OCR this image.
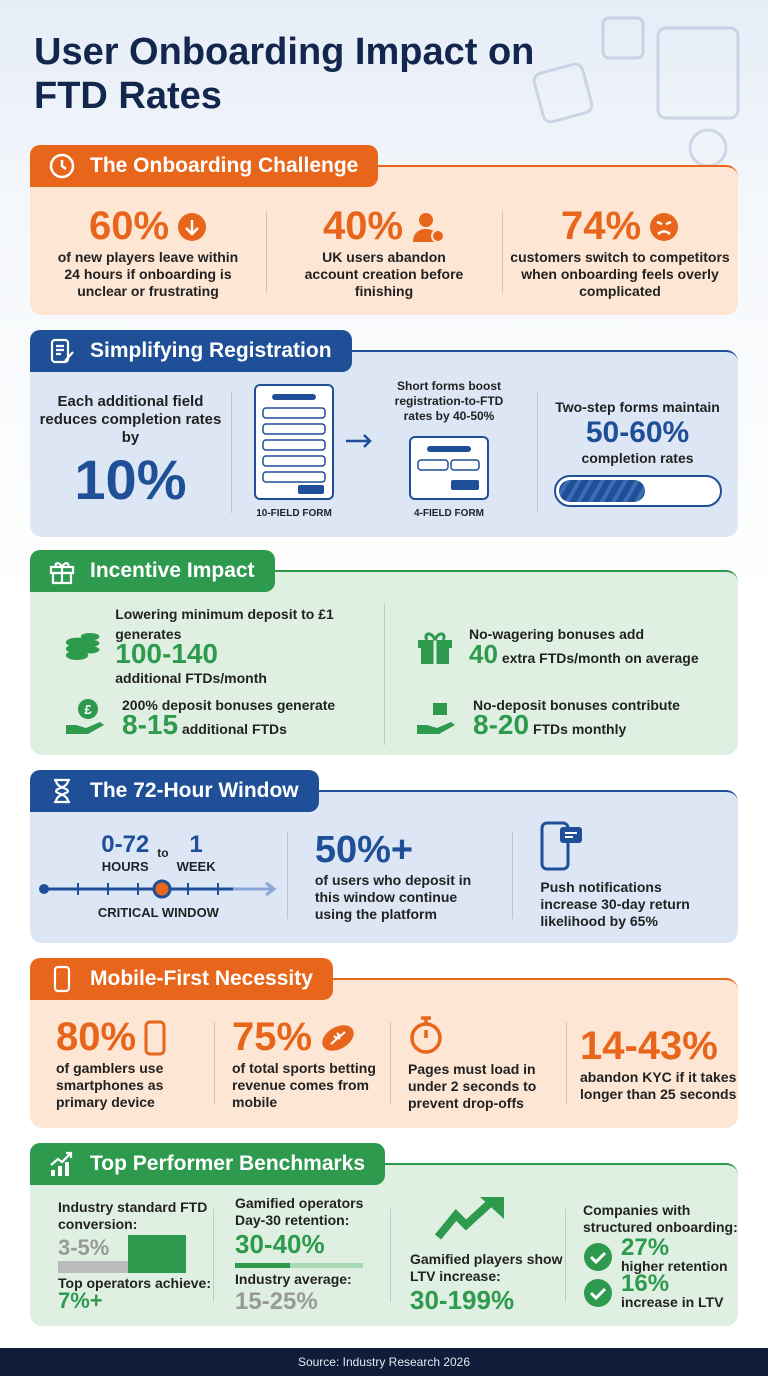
User Onboarding Impact on FTD Rates
The Onboarding Challenge
60%
of new players leave within 24 hours if onboarding is unclear or frustrating
40%
UK users abandon account creation before finishing
74%
customers switch to competitors when onboarding feels overly complicated
Simplifying Registration
Each additional field reduces completion rates by
10%
10-FIELD FORM
Short forms boost registration-to-FTD rates by 40-50%
4-FIELD FORM
Two-step forms maintain
50-60%
completion rates
Incentive Impact
Lowering minimum deposit to £1 generates
100-140
additional FTDs/month
No-wagering bonuses add
40 extra FTDs/month on average
£ 200% deposit bonuses generate
8-15 additional FTDs
No-deposit bonuses contribute
8-20 FTDs monthly
The 72-Hour Window
0-72
HOURS
to 1
WEEK
CRITICAL WINDOW
50%+
of users who deposit in this window continue using the platform
Push notifications increase 30-day return likelihood by 65%
Mobile-First Necessity
80%
of gamblers use smartphones as primary device
75%
of total sports betting revenue comes from mobile
Pages must load in under 2 seconds to prevent drop-offs
14-43%
abandon KYC if it takes longer than 25 seconds
Top Performer Benchmarks
Industry standard FTD conversion:
3-5%
Top operators achieve: 7%+
Gamified operators Day-30 retention:
30-40%
Industry average:
15-25%
Gamified players show LTV increase:
30-199%
Companies with structured onboarding:
27%
higher retention
16%
increase in LTV
Source: Industry Research 2026
